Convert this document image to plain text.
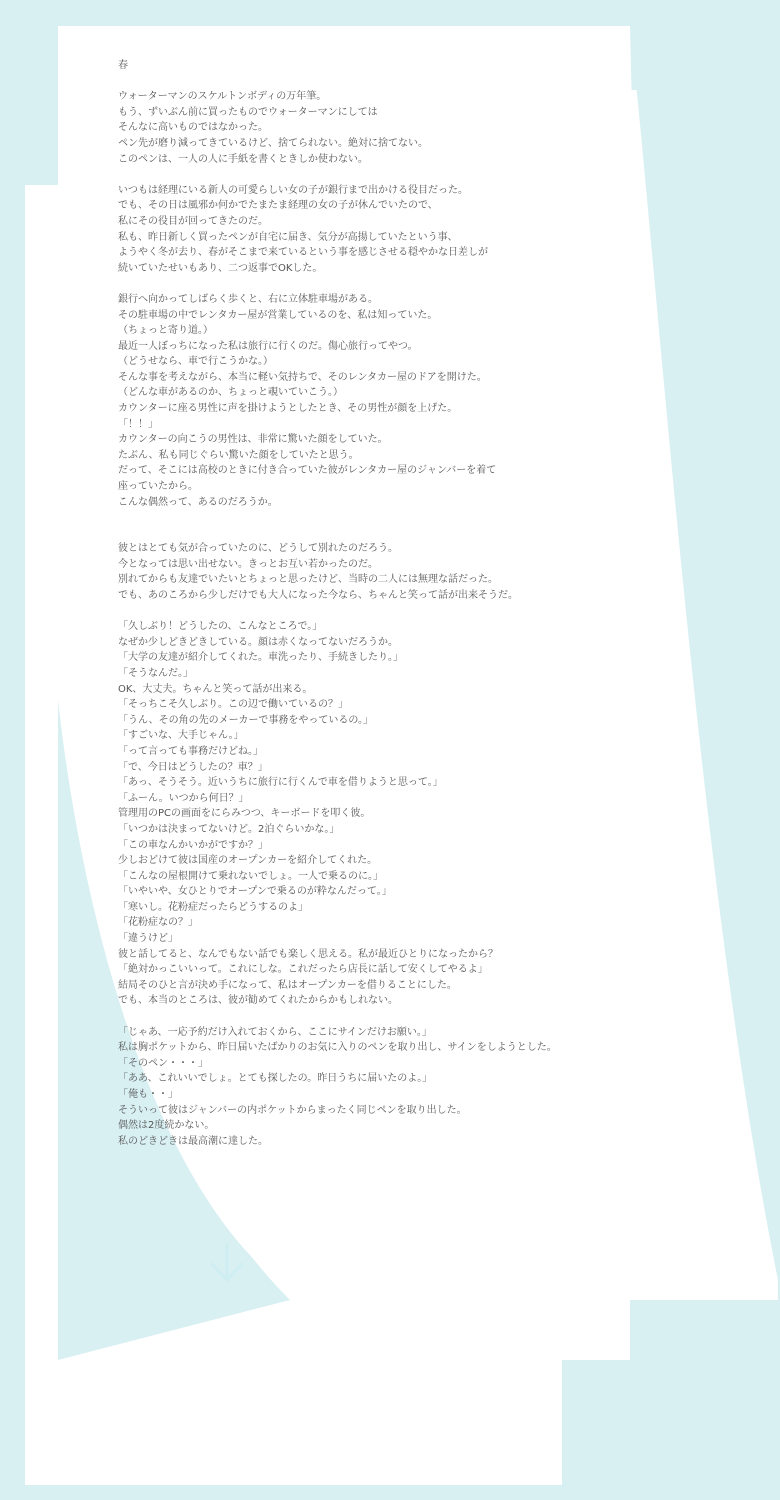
春
ウォーターマンのスケルトンボディの万年筆。
もう、ずいぶん前に買ったものでウォーターマンにしては
そんなに高いものではなかった。
ペン先が磨り減ってきているけど、捨てられない。絶対に捨てない。
このペンは、一人の人に手紙を書くときしか使わない。
いつもは経理にいる新人の可愛らしい女の子が銀行まで出かける役目だった。
でも、その日は風邪か何かでたまたま経理の女の子が休んでいたので、
私にその役目が回ってきたのだ。
私も、昨日新しく買ったペンが自宅に届き、気分が高揚していたという事、
ようやく冬が去り、春がそこまで来ているという事を感じさせる穏やかな日差しが
続いていたせいもあり、二つ返事でOKした。
銀行へ向かってしばらく歩くと、右に立体駐車場がある。
その駐車場の中でレンタカー屋が営業しているのを、私は知っていた。
（ちょっと寄り道。）
最近一人ぼっちになった私は旅行に行くのだ。傷心旅行ってやつ。
（どうせなら、車で行こうかな。）
そんな事を考えながら、本当に軽い気持ちで、そのレンタカー屋のドアを開けた。
（どんな車があるのか、ちょっと覗いていこう。）
カウンターに座る男性に声を掛けようとしたとき、その男性が顔を上げた。
「！！」
カウンターの向こうの男性は、非常に驚いた顔をしていた。
たぶん、私も同じぐらい驚いた顔をしていたと思う。
だって、そこには高校のときに付き合っていた彼がレンタカー屋のジャンバーを着て
座っていたから。
こんな偶然って、あるのだろうか。
彼とはとても気が合っていたのに、どうして別れたのだろう。
今となっては思い出せない。きっとお互い若かったのだ。
別れてからも友達でいたいとちょっと思ったけど、当時の二人には無理な話だった。
でも、あのころから少しだけでも大人になった今なら、ちゃんと笑って話が出来そうだ。
「久しぶり！どうしたの、こんなところで。」
なぜか少しどきどきしている。顔は赤くなってないだろうか。
「大学の友達が紹介してくれた。車洗ったり、手続きしたり。」
「そうなんだ。」
OK、大丈夫。ちゃんと笑って話が出来る。
「そっちこそ久しぶり。この辺で働いているの？」
「うん、その角の先のメーカーで事務をやっているの。」
「すごいな、大手じゃん。」
「って言っても事務だけどね。」
「で、今日はどうしたの？車？」
「あっ、そうそう。近いうちに旅行に行くんで車を借りようと思って。」
「ふーん。いつから何日？」
管理用のPCの画面をにらみつつ、キーボードを叩く彼。
「いつかは決まってないけど。2泊ぐらいかな。」
「この車なんかいかがですか？」
少しおどけて彼は国産のオープンカーを紹介してくれた。
「こんなの屋根開けて乗れないでしょ。一人で乗るのに。」
「いやいや、女ひとりでオープンで乗るのが粋なんだって。」
「寒いし。花粉症だったらどうするのよ」
「花粉症なの？」
「違うけど」
彼と話してると、なんでもない話でも楽しく思える。私が最近ひとりになったから？
「絶対かっこいいって。これにしな。これだったら店長に話して安くしてやるよ」
結局そのひと言が決め手になって、私はオープンカーを借りることにした。
でも、本当のところは、彼が勧めてくれたからかもしれない。
「じゃあ、一応予約だけ入れておくから、ここにサインだけお願い。」
私は胸ポケットから、昨日届いたばかりのお気に入りのペンを取り出し、サインをしようとした。
「そのペン・・・」
「ああ、これいいでしょ。とても探したの。昨日うちに届いたのよ。」
「俺も・・」
そういって彼はジャンバーの内ポケットからまったく同じペンを取り出した。
偶然は2度続かない。
私のどきどきは最高潮に達した。
